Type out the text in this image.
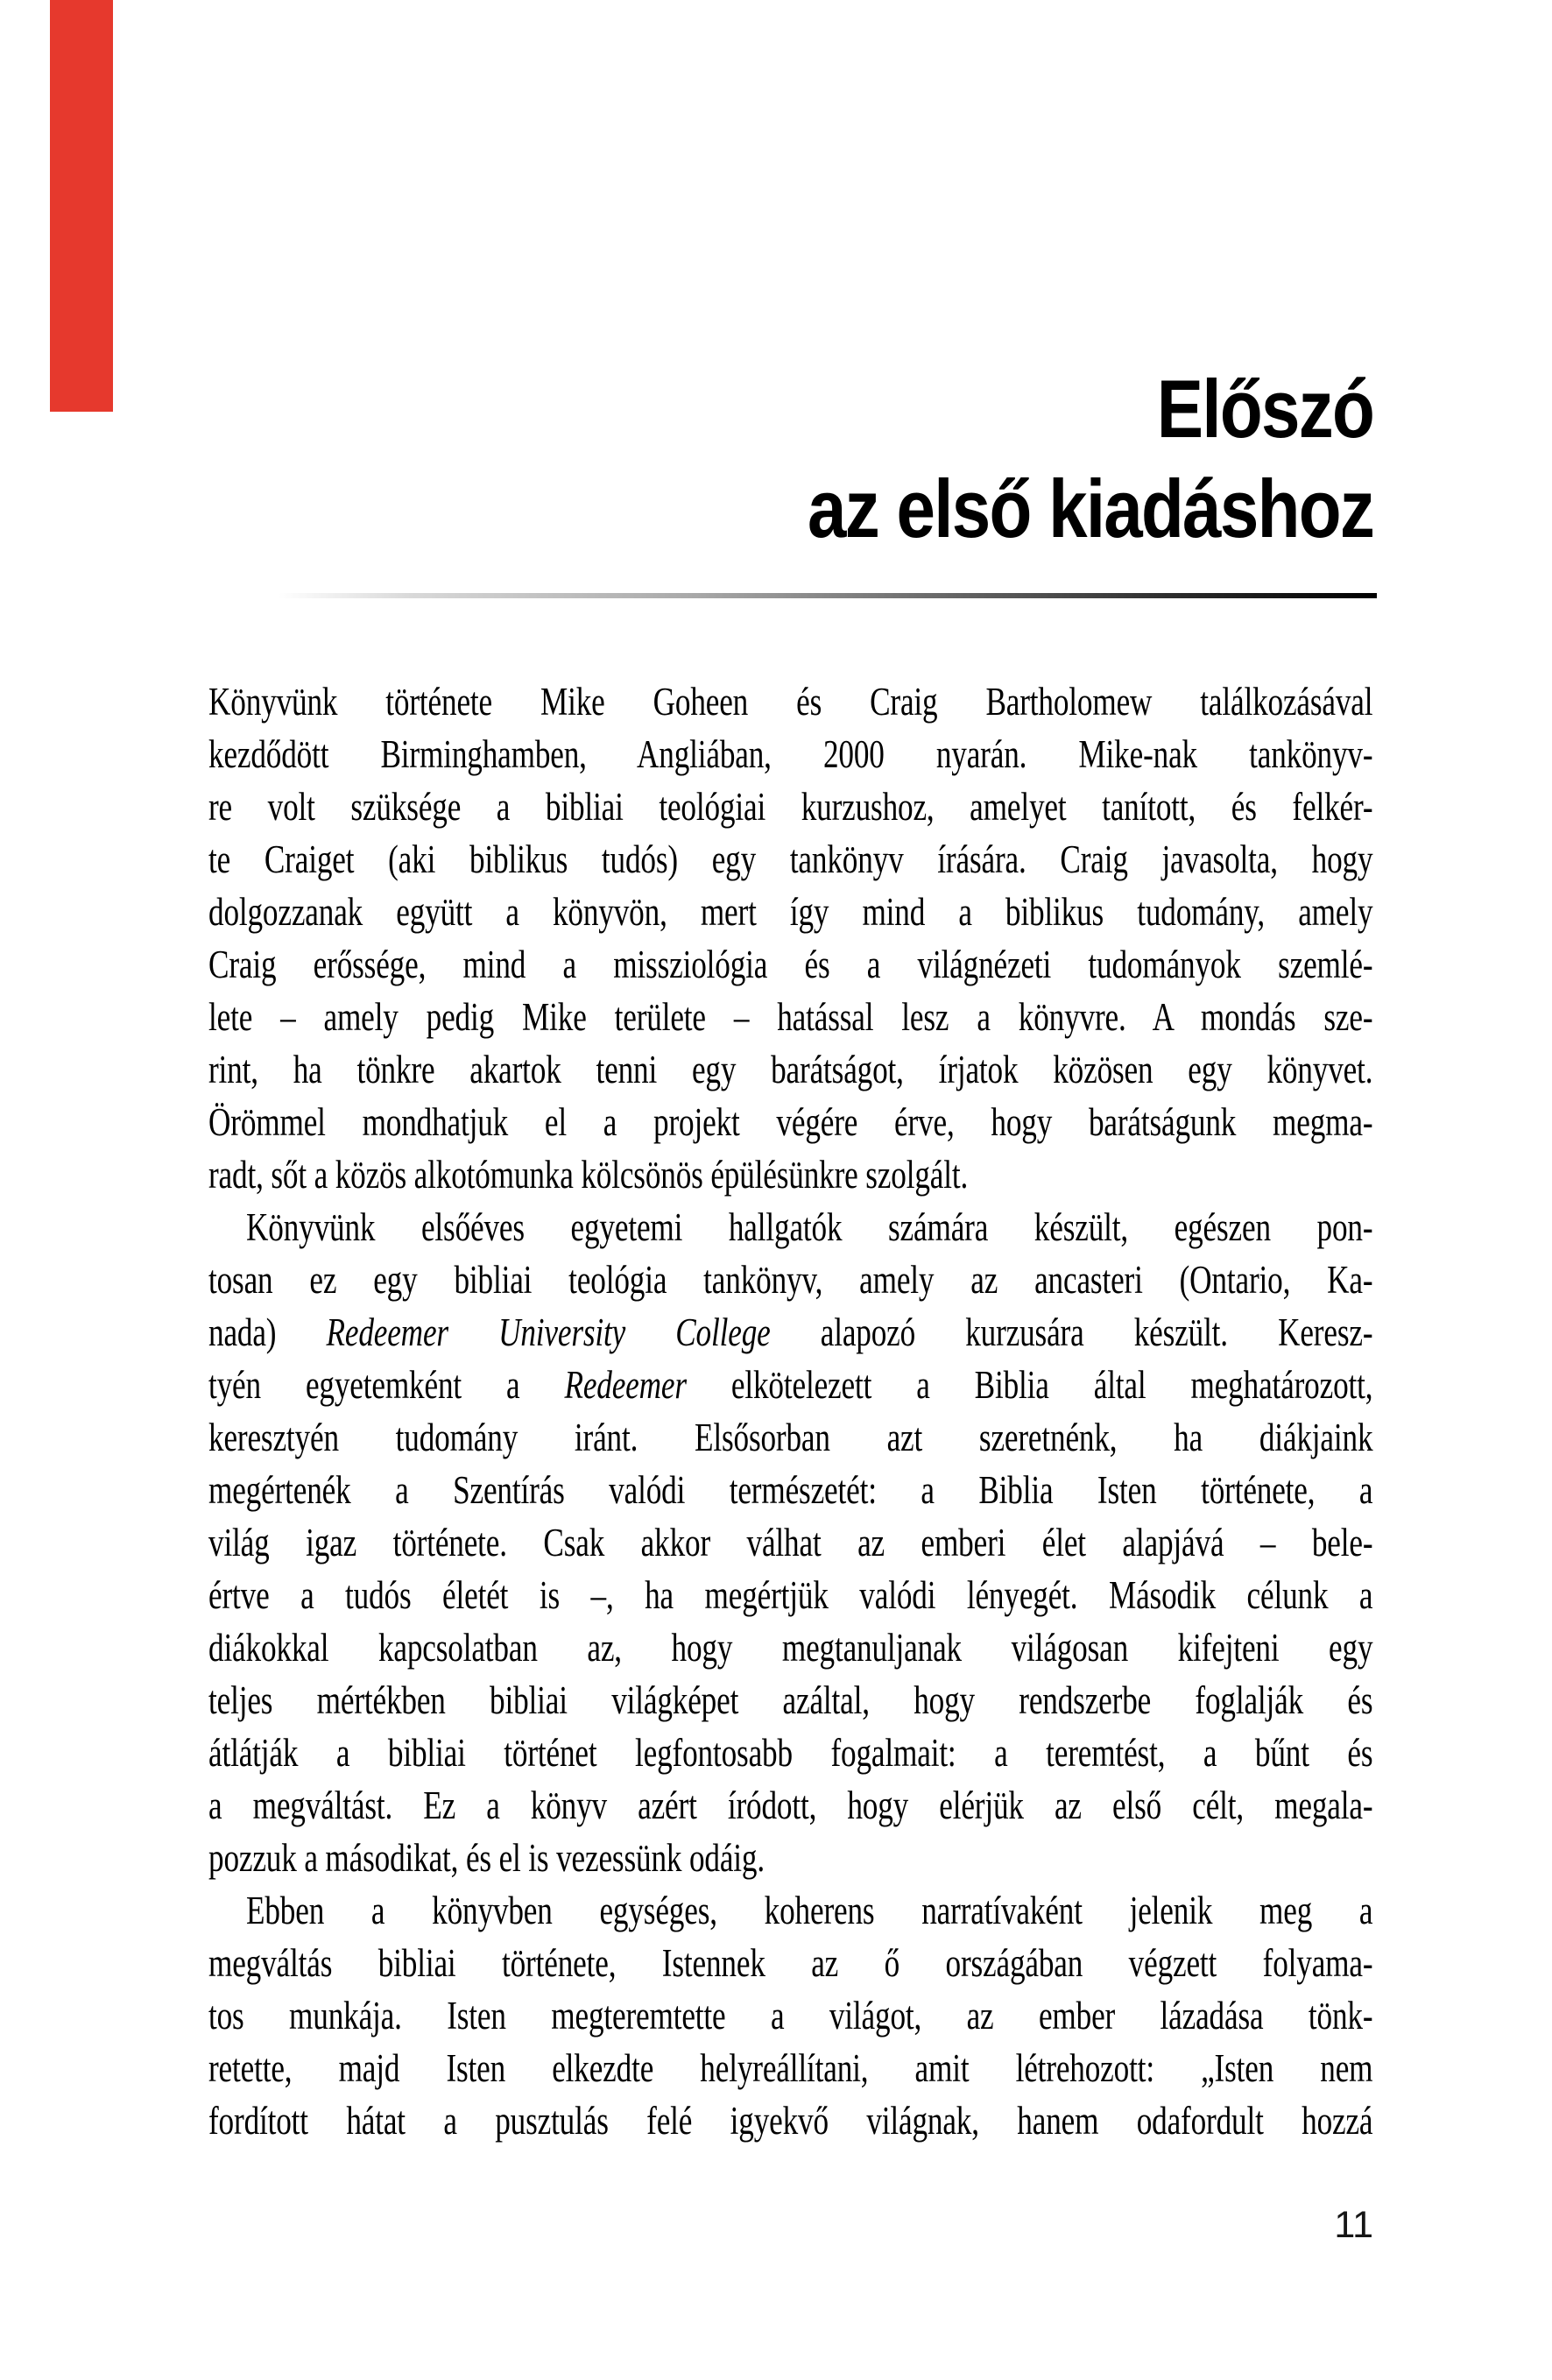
Előszó
az első kiadáshoz
Könyvünk története Mike Goheen és Craig Bartholomew találkozásával
kezdődött Birminghamben, Angliában, 2000 nyarán. Mike-nak tankönyv-
re volt szüksége a bibliai teológiai kurzushoz, amelyet tanított, és felkér-
te Craiget (aki biblikus tudós) egy tankönyv írására. Craig javasolta, hogy
dolgozzanak együtt a könyvön, mert így mind a biblikus tudomány, amely
Craig erőssége, mind a missziológia és a világnézeti tudományok szemlé-
lete – amely pedig Mike területe – hatással lesz a könyvre. A mondás sze-
rint, ha tönkre akartok tenni egy barátságot, írjatok közösen egy könyvet.
Örömmel mondhatjuk el a projekt végére érve, hogy barátságunk megma-
radt, sőt a közös alkotómunka kölcsönös épülésünkre szolgált.
Könyvünk elsőéves egyetemi hallgatók számára készült, egészen pon-
tosan ez egy bibliai teológia tankönyv, amely az ancasteri (Ontario, Ka-
nada) Redeemer University College alapozó kurzusára készült. Keresz-
tyén egyetemként a Redeemer elkötelezett a Biblia által meghatározott,
keresztyén tudomány iránt. Elsősorban azt szeretnénk, ha diákjaink
megértenék a Szentírás valódi természetét: a Biblia Isten története, a
világ igaz története. Csak akkor válhat az emberi élet alapjává – bele-
értve a tudós életét is –, ha megértjük valódi lényegét. Második célunk a
diákokkal kapcsolatban az, hogy megtanuljanak világosan kifejteni egy
teljes mértékben bibliai világképet azáltal, hogy rendszerbe foglalják és
átlátják a bibliai történet legfontosabb fogalmait: a teremtést, a bűnt és
a megváltást. Ez a könyv azért íródott, hogy elérjük az első célt, megala-
pozzuk a másodikat, és el is vezessünk odáig.
Ebben a könyvben egységes, koherens narratívaként jelenik meg a
megváltás bibliai története, Istennek az ő országában végzett folyama-
tos munkája. Isten megteremtette a világot, az ember lázadása tönk-
retette, majd Isten elkezdte helyreállítani, amit létrehozott: „Isten nem
fordított hátat a pusztulás felé igyekvő világnak, hanem odafordult hozzá
11
